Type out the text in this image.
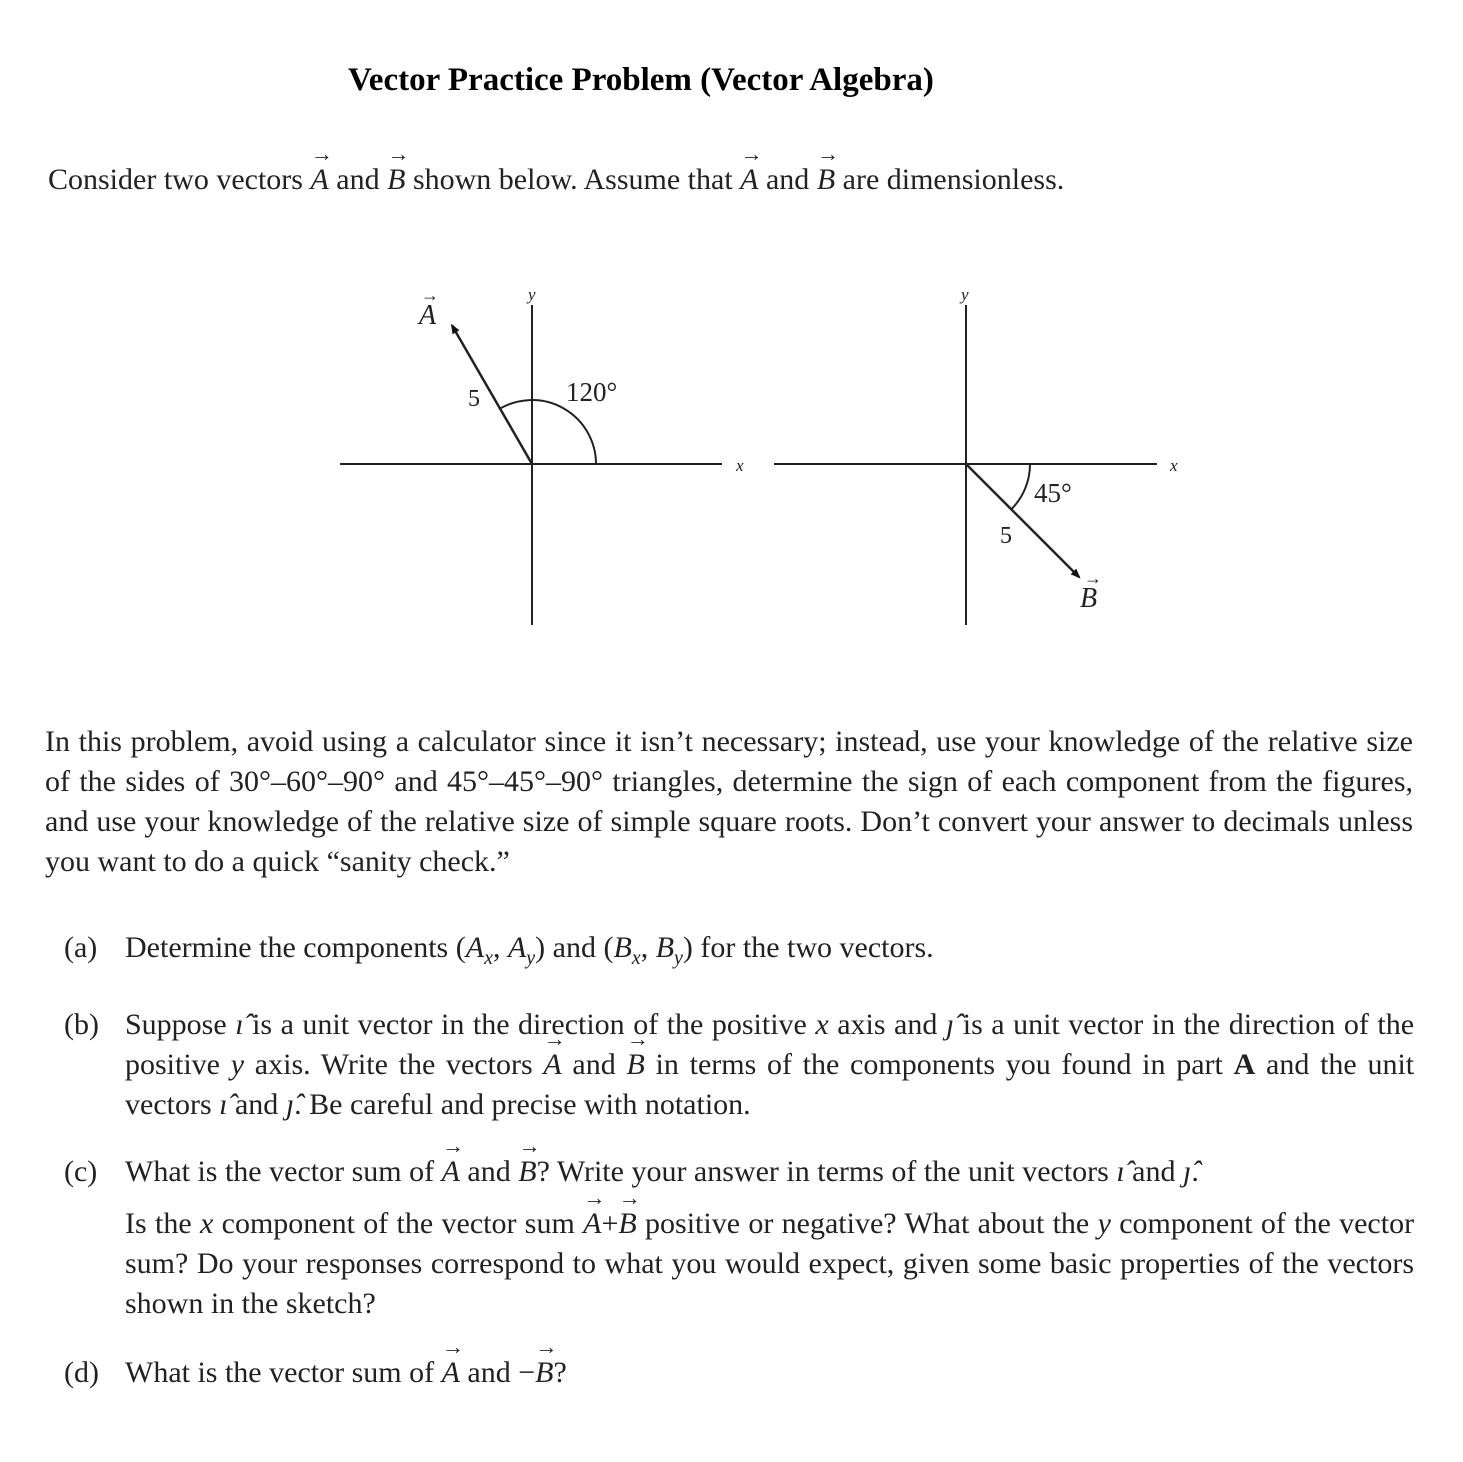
Vector Practice Problem (Vector Algebra)
Consider two vectors → A and → B shown below. Assume that → A and → B are dimensionless.
x
y
A
→
5	120°
x
y
B
→
5
45°
In this problem, avoid using a calculator since it isn’t necessary; instead, use your knowledge of the relative size of the sides of 30°–60°–90° and 45°–45°–90° triangles, determine the sign of each component from the figures, and use your knowledge of the relative size of simple square roots. Don’t convert your answer to decimals unless you want to do a quick “sanity check.”
(a) Determine the components ($A_x$, $A_y$) and ($B_x$, $B_y$) for the two vectors.
(b) Suppose ı̂ is a unit vector in the direction of the positive x axis and ȷ̂ is a unit vector in the direction of the positive y axis. Write the vectors → A and → B in terms of the components you found in part A and the unit vectors ı̂ and ȷ̂. Be careful and precise with notation.
(c) What is the vector sum of → A and → B? Write your answer in terms of the unit vectors ı̂ and ȷ̂.
Is the x component of the vector sum → A+→ B positive or negative? What about the y component of the vector sum? Do your responses correspond to what you would expect, given some basic properties of the vectors shown in the sketch?
(d) What is the vector sum of → A and −→ B?
